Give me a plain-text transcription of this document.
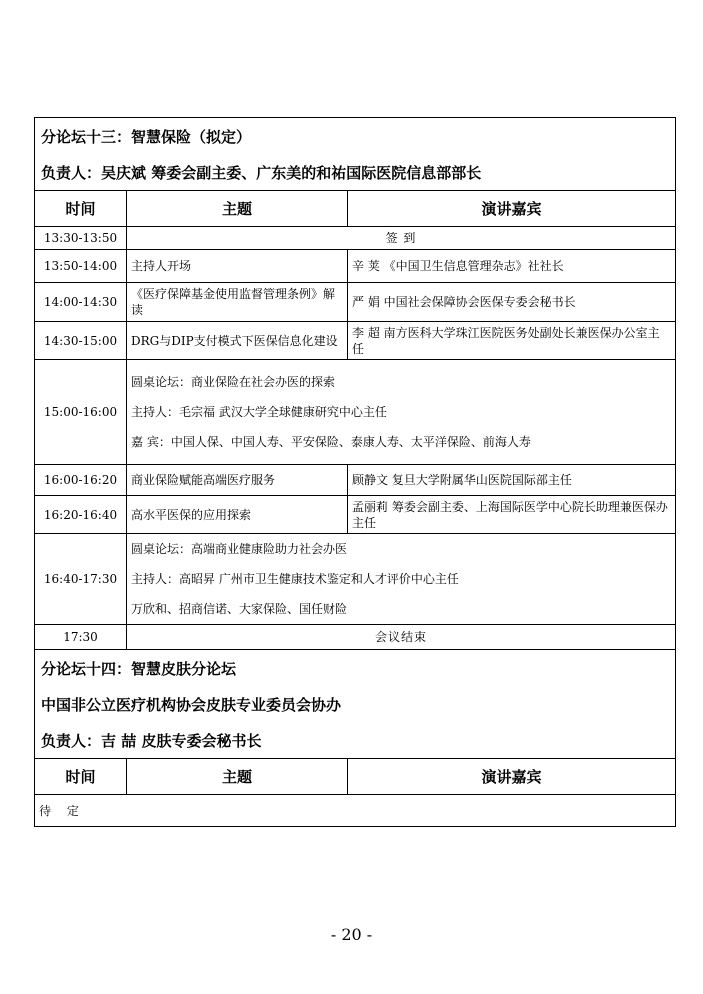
分论坛十三：智慧保险（拟定）		
负责人：吴庆斌 筹委会副主委、广东美的和祐国际医院信息部部长		
时间	主题	演讲嘉宾
13:30-13:50	签 到	
13:50-14:00	主持人开场	辛 荚 《中国卫生信息管理杂志》社社长
14:00-14:30	《医疗保障基金使用监督管理条例》解读	严 娟 中国社会保障协会医保专委会秘书长
14:30-15:00	DRG与DIP支付模式下医保信息化建设	李 超 南方医科大学珠江医院医务处副处长兼医保办公室主任
15:00-16:00	圆桌论坛：商业保险在社会办医的探索

主持人：毛宗福 武汉大学全球健康研究中心主任

嘉 宾：中国人保、中国人寿、平安保险、泰康人寿、太平洋保险、前海人寿	

16:00-16:20	商业保险赋能高端医疗服务	顾静文 复旦大学附属华山医院国际部主任
16:20-16:40	高水平医保的应用探索	孟丽莉 筹委会副主委、上海国际医学中心院长助理兼医保办主任
16:40-17:30	圆桌论坛：高端商业健康险助力社会办医

主持人：高昭昇 广州市卫生健康技术鉴定和人才评价中心主任

万欣和、招商信诺、大家保险、国任财险	

17:30	会议结束	
分论坛十四：智慧皮肤分论坛		
中国非公立医疗机构协会皮肤专业委员会协办		
负责人：吉 喆 皮肤专委会秘书长		
时间	主题	演讲嘉宾
待 定		
- 20 -
